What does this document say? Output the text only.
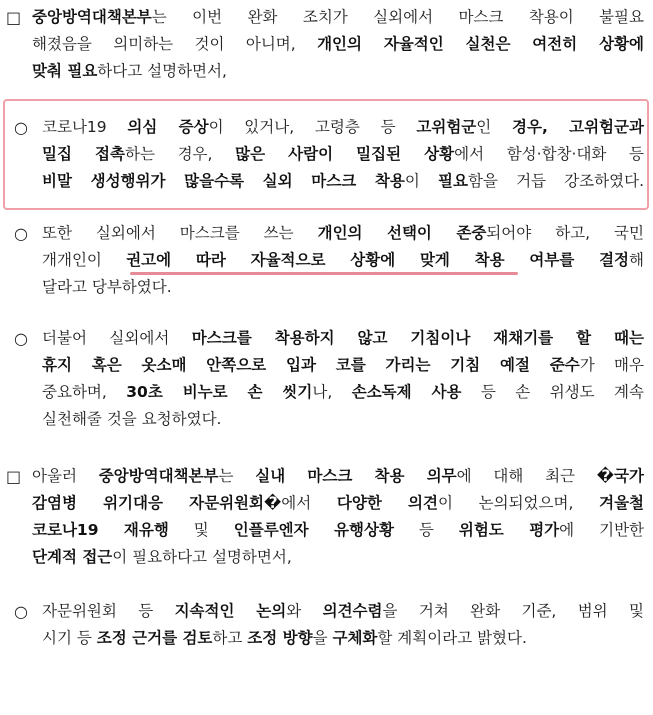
□ 중앙방역대책본부는 이번 완화 조치가 실외에서 마스크 착용이 불필요
해졌음을 의미하는 것이 아니며, 개인의 자율적인 실천은 여전히 상황에
맞춰 필요하다고 설명하면서,
○ 코로나19 의심 증상이 있거나, 고령층 등 고위험군인 경우, 고위험군과
밀집 접촉하는 경우, 많은 사람이 밀집된 상황에서 함성·합창·대화 등
비말 생성행위가 많을수록 실외 마스크 착용이 필요함을 거듭 강조하였다.
○ 또한 실외에서 마스크를 쓰는 개인의 선택이 존중되어야 하고, 국민
개개인이 권고에 따라 자율적으로 상황에 맞게 착용 여부를 결정해
달라고 당부하였다.
○ 더불어 실외에서 마스크를 착용하지 않고 기침이나 재채기를 할 때는
휴지 혹은 옷소매 안쪽으로 입과 코를 가리는 기침 예절 준수가 매우
중요하며, 30초 비누로 손 씻기나, 손소독제 사용 등 손 위생도 계속
실천해줄 것을 요청하였다.
□ 아울러 중앙방역대책본부는 실내 마스크 착용 의무에 대해 최근 �국가
감염병 위기대응 자문위원회�에서 다양한 의견이 논의되었으며, 겨울철
코로나19 재유행 및 인플루엔자 유행상황 등 위험도 평가에 기반한
단계적 접근이 필요하다고 설명하면서,
○ 자문위원회 등 지속적인 논의와 의견수렴을 거쳐 완화 기준, 범위 및
시기 등 조정 근거를 검토하고 조정 방향을 구체화할 계획이라고 밝혔다.
